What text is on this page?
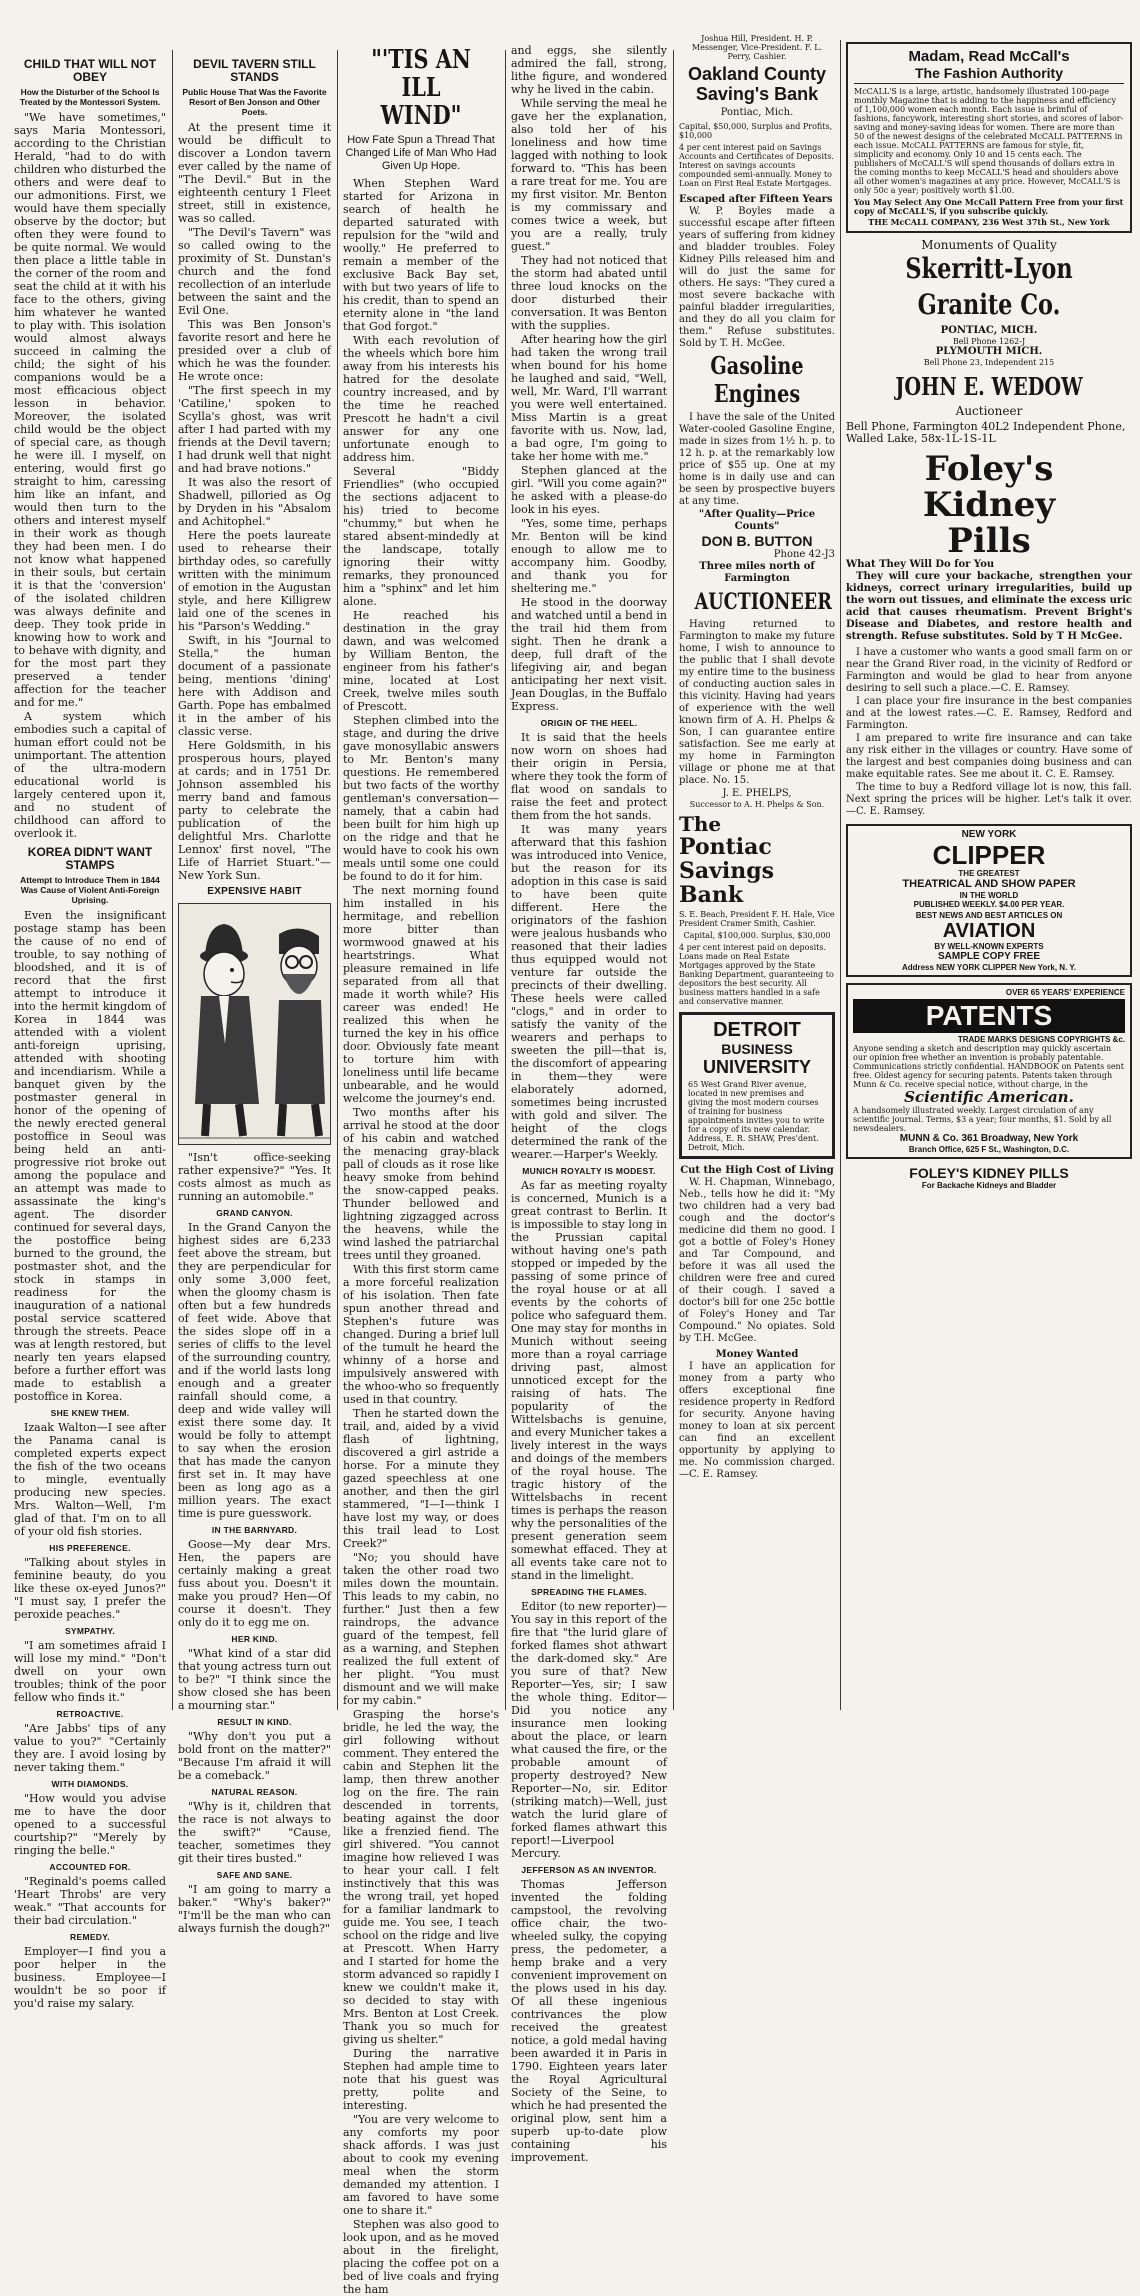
CHILD THAT WILL NOT OBEY
How the Disturber of the School Is Treated by the Montessori System.

"We have sometimes," says Maria Montessori, according to the Christian Herald, "had to do with children who disturbed the others and were deaf to our admonitions. First, we would have them specially observe by the doctor; but often they were found to be quite normal. We would then place a little table in the corner of the room and seat the child at it with his face to the others, giving him whatever he wanted to play with. This isolation would almost always succeed in calming the child; the sight of his companions would be a most efficacious object lesson in behavior. Moreover, the isolated child would be the object of special care, as though he were ill. I myself, on entering, would first go straight to him, caressing him like an infant, and would then turn to the others and interest myself in their work as though they had been men. I do not know what happened in their souls, but certain it is that the 'conversion' of the isolated children was always definite and deep. They took pride in knowing how to work and to behave with dignity, and for the most part they preserved a tender affection for the teacher and for me."

A system which embodies such a capital of human effort could not be unimportant. The attention of the ultra-modern educational world is largely centered upon it, and no student of childhood can afford to overlook it.

KOREA DIDN'T WANT STAMPS
Attempt to Introduce Them in 1844 Was Cause of Violent Anti-Foreign Uprising.

Even the insignificant postage stamp has been the cause of no end of trouble, to say nothing of bloodshed, and it is of record that the first attempt to introduce it into the hermit kingdom of Korea in 1844 was attended with a violent anti-foreign uprising, attended with shooting and incendiarism. While a banquet given by the postmaster general in honor of the opening of the newly erected general postoffice in Seoul was being held an anti-progressive riot broke out among the populace and an attempt was made to assassinate the king's agent. The disorder continued for several days, the postoffice being burned to the ground, the postmaster shot, and the stock in stamps in readiness for the inauguration of a national postal service scattered through the streets. Peace was at length restored, but nearly ten years elapsed before a further effort was made to establish a postoffice in Korea.

SHE KNEW THEM.

Izaak Walton—I see after the Panama canal is completed experts expect the fish of the two oceans to mingle, eventually producing new species. Mrs. Walton—Well, I'm glad of that. I'm on to all of your old fish stories.

HIS PREFERENCE.

"Talking about styles in feminine beauty, do you like these ox-eyed Junos?" "I must say, I prefer the peroxide peaches."

SYMPATHY.

"I am sometimes afraid I will lose my mind." "Don't dwell on your own troubles; think of the poor fellow who finds it."

RETROACTIVE.

"Are Jabbs' tips of any value to you?" "Certainly they are. I avoid losing by never taking them."

WITH DIAMONDS.

"How would you advise me to have the door opened to a successful courtship?" "Merely by ringing the belle."

ACCOUNTED FOR.

"Reginald's poems called 'Heart Throbs' are very weak." "That accounts for their bad circulation."

REMEDY.

Employer—I find you a poor helper in the business. Employee—I wouldn't be so poor if you'd raise my salary.

DEVIL TAVERN STILL STANDS
Public House That Was the Favorite Resort of Ben Jonson and Other Poets.

At the present time it would be difficult to discover a London tavern ever called by the name of "The Devil." But in the eighteenth century 1 Fleet street, still in existence, was so called.

"The Devil's Tavern" was so called owing to the proximity of St. Dunstan's church and the fond recollection of an interlude between the saint and the Evil One.

This was Ben Jonson's favorite resort and here he presided over a club of which he was the founder. He wrote once:

"The first speech in my 'Catiline,' spoken to Scylla's ghost, was writ after I had parted with my friends at the Devil tavern; I had drunk well that night and had brave notions."

It was also the resort of Shadwell, pilloried as Og by Dryden in his "Absalom and Achitophel."

Here the poets laureate used to rehearse their birthday odes, so carefully written with the minimum of emotion in the Augustan style, and here Killigrew laid one of the scenes in his "Parson's Wedding."

Swift, in his "Journal to Stella," the human document of a passionate being, mentions 'dining' here with Addison and Garth. Pope has embalmed it in the amber of his classic verse.

Here Goldsmith, in his prosperous hours, played at cards; and in 1751 Dr. Johnson assembled his merry band and famous party to celebrate the publication of the delightful Mrs. Charlotte Lennox' first novel, "The Life of Harriet Stuart."—New York Sun.

EXPENSIVE HABIT

"Isn't office-seeking rather expensive?" "Yes. It costs almost as much as running an automobile."

GRAND CANYON.

In the Grand Canyon the highest sides are 6,233 feet above the stream, but they are perpendicular for only some 3,000 feet, when the gloomy chasm is often but a few hundreds of feet wide. Above that the sides slope off in a series of cliffs to the level of the surrounding country, and if the world lasts long enough and a greater rainfall should come, a deep and wide valley will exist there some day. It would be folly to attempt to say when the erosion that has made the canyon first set in. It may have been as long ago as a million years. The exact time is pure guesswork.

IN THE BARNYARD.

Goose—My dear Mrs. Hen, the papers are certainly making a great fuss about you. Doesn't it make you proud? Hen—Of course it doesn't. They only do it to egg me on.

HER KIND.

"What kind of a star did that young actress turn out to be?" "I think since the show closed she has been a mourning star."

RESULT IN KIND.

"Why don't you put a bold front on the matter?" "Because I'm afraid it will be a comeback."

NATURAL REASON.

"Why is it, children that the race is not always to the swift?" "Cause, teacher, sometimes they git their tires busted."

SAFE AND SANE.

"I am going to marry a baker." "Why's baker?" "I'm'll be the man who can always furnish the dough?"

"'TIS AN ILL WIND"
How Fate Spun a Thread That Changed Life of Man Who Had Given Up Hope.

When Stephen Ward started for Arizona in search of health he departed saturated with repulsion for the "wild and woolly." He preferred to remain a member of the exclusive Back Bay set, with but two years of life to his credit, than to spend an eternity alone in "the land that God forgot."

With each revolution of the wheels which bore him away from his interests his hatred for the desolate country increased, and by the time he reached Prescott he hadn't a civil answer for any one unfortunate enough to address him.

Several "Biddy Friendlies" (who occupied the sections adjacent to his) tried to become "chummy," but when he stared absent-mindedly at the landscape, totally ignoring their witty remarks, they pronounced him a "sphinx" and let him alone.

He reached his destination in the gray dawn, and was welcomed by William Benton, the engineer from his father's mine, located at Lost Creek, twelve miles south of Prescott.

Stephen climbed into the stage, and during the drive gave monosyllabic answers to Mr. Benton's many questions. He remembered but two facts of the worthy gentleman's conversation—namely, that a cabin had been built for him high up on the ridge and that he would have to cook his own meals until some one could be found to do it for him.

The next morning found him installed in his hermitage, and rebellion more bitter than wormwood gnawed at his heartstrings. What pleasure remained in life separated from all that made it worth while? His career was ended! He realized this when he turned the key in his office door. Obviously fate meant to torture him with loneliness until life became unbearable, and he would welcome the journey's end.

Two months after his arrival he stood at the door of his cabin and watched the menacing gray-black pall of clouds as it rose like heavy smoke from behind the snow-capped peaks. Thunder bellowed and lightning zigzagged across the heavens, while the wind lashed the patriarchal trees until they groaned.

With this first storm came a more forceful realization of his isolation. Then fate spun another thread and Stephen's future was changed. During a brief lull of the tumult he heard the whinny of a horse and impulsively answered with the whoo-who so frequently used in that country.

Then he started down the trail, and, aided by a vivid flash of lightning, discovered a girl astride a horse. For a minute they gazed speechless at one another, and then the girl stammered, "I—I—think I have lost my way, or does this trail lead to Lost Creek?"

"No; you should have taken the other road two miles down the mountain. This leads to my cabin, no further." Just then a few raindrops, the advance guard of the tempest, fell as a warning, and Stephen realized the full extent of her plight. "You must dismount and we will make for my cabin."

Grasping the horse's bridle, he led the way, the girl following without comment. They entered the cabin and Stephen lit the lamp, then threw another log on the fire. The rain descended in torrents, beating against the door like a frenzied fiend. The girl shivered. "You cannot imagine how relieved I was to hear your call. I felt instinctively that this was the wrong trail, yet hoped for a familiar landmark to guide me. You see, I teach school on the ridge and live at Prescott. When Harry and I started for home the storm advanced so rapidly I knew we couldn't make it, so decided to stay with Mrs. Benton at Lost Creek. Thank you so much for giving us shelter."

During the narrative Stephen had ample time to note that his guest was pretty, polite and interesting.

"You are very welcome to any comforts my poor shack affords. I was just about to cook my evening meal when the storm demanded my attention. I am favored to have some one to share it."

Stephen was also good to look upon, and as he moved about in the firelight, placing the coffee pot on a bed of live coals and frying the ham

and eggs, she silently admired the fall, strong, lithe figure, and wondered why he lived in the cabin.

While serving the meal he gave her the explanation, also told her of his loneliness and how time lagged with nothing to look forward to. "This has been a rare treat for me. You are my first visitor. Mr. Benton is my commissary and comes twice a week, but you are a really, truly guest."

They had not noticed that the storm had abated until three loud knocks on the door disturbed their conversation. It was Benton with the supplies.

After hearing how the girl had taken the wrong trail when bound for his home he laughed and said, "Well, well, Mr. Ward, I'll warrant you were well entertained. Miss Martin is a great favorite with us. Now, lad, a bad ogre, I'm going to take her home with me."

Stephen glanced at the girl. "Will you come again?" he asked with a please-do look in his eyes.

"Yes, some time, perhaps Mr. Benton will be kind enough to allow me to accompany him. Goodby, and thank you for sheltering me."

He stood in the doorway and watched until a bend in the trail hid them from sight. Then he drank a deep, full draft of the lifegiving air, and began anticipating her next visit. Jean Douglas, in the Buffalo Express.

ORIGIN OF THE HEEL.

It is said that the heels now worn on shoes had their origin in Persia, where they took the form of flat wood on sandals to raise the feet and protect them from the hot sands.

It was many years afterward that this fashion was introduced into Venice, but the reason for its adoption in this case is said to have been quite different. Here the originators of the fashion were jealous husbands who reasoned that their ladies thus equipped would not venture far outside the precincts of their dwelling. These heels were called "clogs," and in order to satisfy the vanity of the wearers and perhaps to sweeten the pill—that is, the discomfort of appearing in them—they were elaborately adorned, sometimes being incrusted with gold and silver. The height of the clogs determined the rank of the wearer.—Harper's Weekly.

MUNICH ROYALTY IS MODEST.

As far as meeting royalty is concerned, Munich is a great contrast to Berlin. It is impossible to stay long in the Prussian capital without having one's path stopped or impeded by the passing of some prince of the royal house or at all events by the cohorts of police who safeguard them. One may stay for months in Munich without seeing more than a royal carriage driving past, almost unnoticed except for the raising of hats. The popularity of the Wittelsbachs is genuine, and every Municher takes a lively interest in the ways and doings of the members of the royal house. The tragic history of the Wittelsbachs in recent times is perhaps the reason why the personalities of the present generation seem somewhat effaced. They at all events take care not to stand in the limelight.

SPREADING THE FLAMES.

Editor (to new reporter)—You say in this report of the fire that "the lurid glare of forked flames shot athwart the dark-domed sky." Are you sure of that? New Reporter—Yes, sir; I saw the whole thing. Editor—Did you notice any insurance men looking about the place, or learn what caused the fire, or the probable amount of property destroyed? New Reporter—No, sir. Editor (striking match)—Well, just watch the lurid glare of forked flames athwart this report!—Liverpool Mercury.

JEFFERSON AS AN INVENTOR.

Thomas Jefferson invented the folding campstool, the revolving office chair, the two-wheeled sulky, the copying press, the pedometer, a hemp brake and a very convenient improvement on the plows used in his day. Of all these ingenious contrivances the plow received the greatest notice, a gold medal having been awarded it in Paris in 1790. Eighteen years later the Royal Agricultural Society of the Seine, to which he had presented the original plow, sent him a superb up-to-date plow containing his improvement.

Joshua Hill, President. H. P. Messenger, Vice-President. F. L. Perry, Cashier.
Oakland County Saving's Bank
Pontiac, Mich.
Capital, $50,000, Surplus and Profits, $10,000
4 per cent interest paid on Savings Accounts and Certificates of Deposits. Interest on savings accounts compounded semi-annually. Money to Loan on First Real Estate Mortgages.
Escaped after Fifteen Years

W. P. Boyles made a successful escape after fifteen years of suffering from kidney and bladder troubles. Foley Kidney Pills released him and will do just the same for others. He says: "They cured a most severe backache with painful bladder irregularities, and they do all you claim for them." Refuse substitutes. Sold by T. H. McGee.

Gasoline Engines

I have the sale of the United Water-cooled Gasoline Engine, made in sizes from 1½ h. p. to 12 h. p. at the remarkably low price of $55 up. One at my home is in daily use and can be seen by prospective buyers at any time.

"After Quality—Price Counts"
DON B. BUTTON
Phone 42-J3
Three miles north of Farmington
AUCTIONEER

Having returned to Farmington to make my future home, I wish to announce to the public that I shall devote my entire time to the business of conducting auction sales in this vicinity. Having had years of experience with the well known firm of A. H. Phelps & Son, I can guarantee entire satisfaction. See me early at my home in Farmington village or phone me at that place. No. 15.

J. E. PHELPS,
Successor to A. H. Phelps & Son.
The
Pontiac Savings Bank
S. E. Beach, President F. H. Hale, Vice President Cramer Smith, Cashier.
Capital, $100,000. Surplus, $30,000
4 per cent interest paid on deposits. Loans made on Real Estate Mortgages approved by the State Banking Department, guaranteeing to depositors the best security. All business matters handled in a safe and conservative manner.
DETROIT
BUSINESS
UNIVERSITY
65 West Grand River avenue, located in new premises and giving the most modern courses of training for business appointments invites you to write for a copy of its new calendar. Address, E. R. SHAW, Pres'dent. Detroit, Mich.
Cut the High Cost of Living

W. H. Chapman, Winnebago, Neb., tells how he did it: "My two children had a very bad cough and the doctor's medicine did them no good. I got a bottle of Foley's Honey and Tar Compound, and before it was all used the children were free and cured of their cough. I saved a doctor's bill for one 25c bottle of Foley's Honey and Tar Compound." No opiates. Sold by T.H. McGee.

Money Wanted

I have an application for money from a party who offers exceptional fine residence property in Redford for security. Anyone having money to loan at six percent can find an excellent opportunity by applying to me. No commission charged.—C. E. Ramsey.

Madam, Read McCall's
The Fashion Authority
McCALL'S is a large, artistic, handsomely illustrated 100-page monthly Magazine that is adding to the happiness and efficiency of 1,100,000 women each month. Each issue is brimful of fashions, fancywork, interesting short stories, and scores of labor-saving and money-saving ideas for women. There are more than 50 of the newest designs of the celebrated McCALL PATTERNS in each issue. McCALL PATTERNS are famous for style, fit, simplicity and economy. Only 10 and 15 cents each. The publishers of McCALL'S will spend thousands of dollars extra in the coming months to keep McCALL'S head and shoulders above all other women's magazines at any price. However, McCALL'S is only 50c a year; positively worth $1.00.
You May Select Any One McCall Pattern Free from your first copy of McCALL'S, if you subscribe quickly.
THE McCALL COMPANY, 236 West 37th St., New York
Monuments of Quality
Skerritt-Lyon
Granite Co.
PONTIAC, MICH.
Bell Phone 1262-J
PLYMOUTH MICH.
Bell Phone 23, Independent 215
JOHN E. WEDOW
Auctioneer
Bell Phone, Farmington 40L2 Independent Phone, Walled Lake, 58x-1L-1S-1L
Foley's
Kidney
Pills
What They Will Do for You

They will cure your backache, strengthen your kidneys, correct urinary irregularities, build up the worn out tissues, and eliminate the excess uric acid that causes rheumatism. Prevent Bright's Disease and Diabetes, and restore health and strength. Refuse substitutes. Sold by T H McGee.

I have a customer who wants a good small farm on or near the Grand River road, in the vicinity of Redford or Farmington and would be glad to hear from anyone desiring to sell such a place.—C. E. Ramsey.

I can place your fire insurance in the best companies and at the lowest rates.—C. E. Ramsey, Redford and Farmington.

I am prepared to write fire insurance and can take any risk either in the villages or country. Have some of the largest and best companies doing business and can make equitable rates. See me about it. C. E. Ramsey.

The time to buy a Redford village lot is now, this fall. Next spring the prices will be higher. Let's talk it over.—C. E. Ramsey.

NEW YORK
CLIPPER
THE GREATEST
THEATRICAL AND SHOW PAPER
IN THE WORLD
PUBLISHED WEEKLY. $4.00 PER YEAR.
BEST NEWS AND BEST ARTICLES ON
AVIATION
BY WELL-KNOWN EXPERTS
SAMPLE COPY FREE
Address NEW YORK CLIPPER New York, N. Y.
OVER 65 YEARS' EXPERIENCE
PATENTS
TRADE MARKS DESIGNS COPYRIGHTS &c.
Anyone sending a sketch and description may quickly ascertain our opinion free whether an invention is probably patentable. Communications strictly confidential. HANDBOOK on Patents sent free. Oldest agency for securing patents. Patents taken through Munn & Co. receive special notice, without charge, in the
Scientific American.
A handsomely illustrated weekly. Largest circulation of any scientific journal. Terms, $3 a year; four months, $1. Sold by all newsdealers.
MUNN & Co. 361 Broadway, New York
Branch Office, 625 F St., Washington, D.C.
FOLEY'S KIDNEY PILLS
For Backache Kidneys and Bladder
